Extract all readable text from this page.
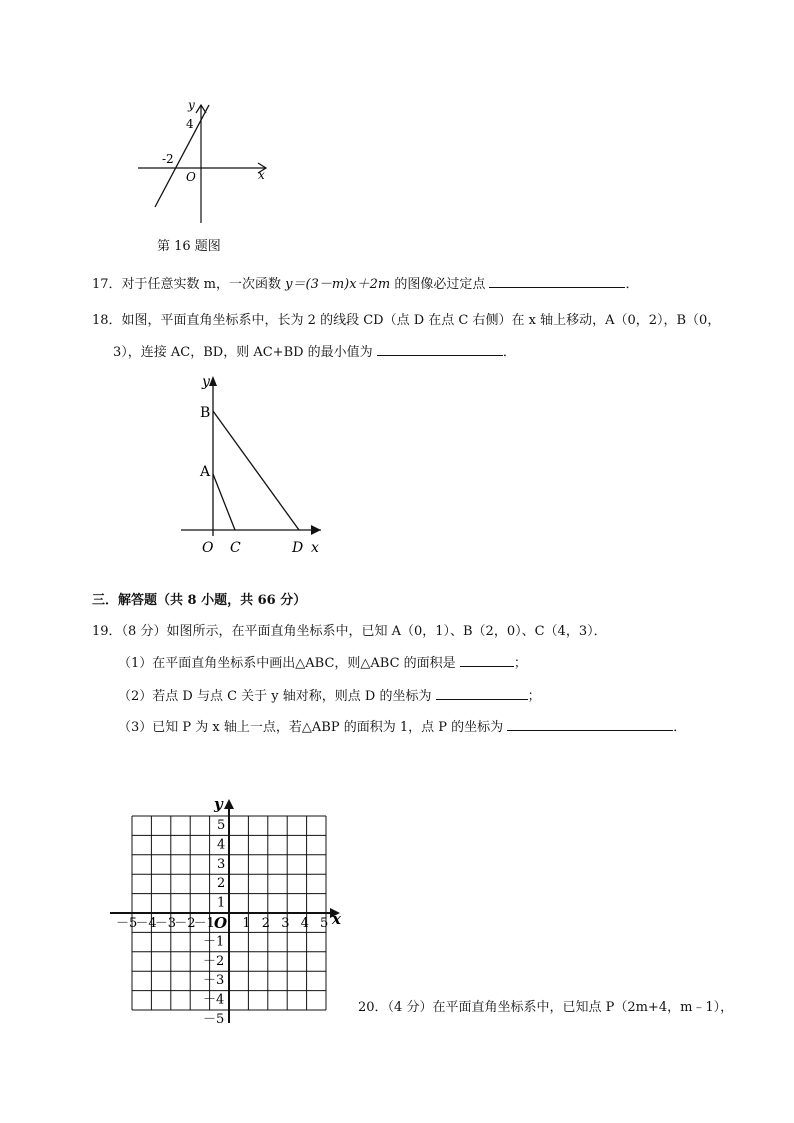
y
4
-2
O	x
第 16 题图
17．对于任意实数 m，一次函数 y＝(3－m)x＋2m 的图像必过定点	．
18．如图，平面直角坐标系中，长为 2 的线段 CD（点 D 在点 C 右侧）在 x 轴上移动，A（0，2），B（0，
3），连接 AC，BD，则 AC+BD 的最小值为	．
y
B
A
O C	D x
三．解答题（共 8 小题，共 66 分）
19．（8 分）如图所示，在平面直角坐标系中，已知 A（0，1）、B（2，0）、C（4，3）．
（1）在平面直角坐标系中画出△ABC，则△ABC 的面积是	；
（2）若点 D 与点 C 关于 y 轴对称，则点 D 的坐标为	；
（3）已知 P 为 x 轴上一点，若△ABP 的面积为 1，点 P 的坐标为	．
y
x
O
－5
－4
－3
－2
－1 1 2 3 4 5
1
2
3
4
5
－1
－2
－3
－4
－5
20．（4 分）在平面直角坐标系中，已知点 P（2m+4，m﹣1），
